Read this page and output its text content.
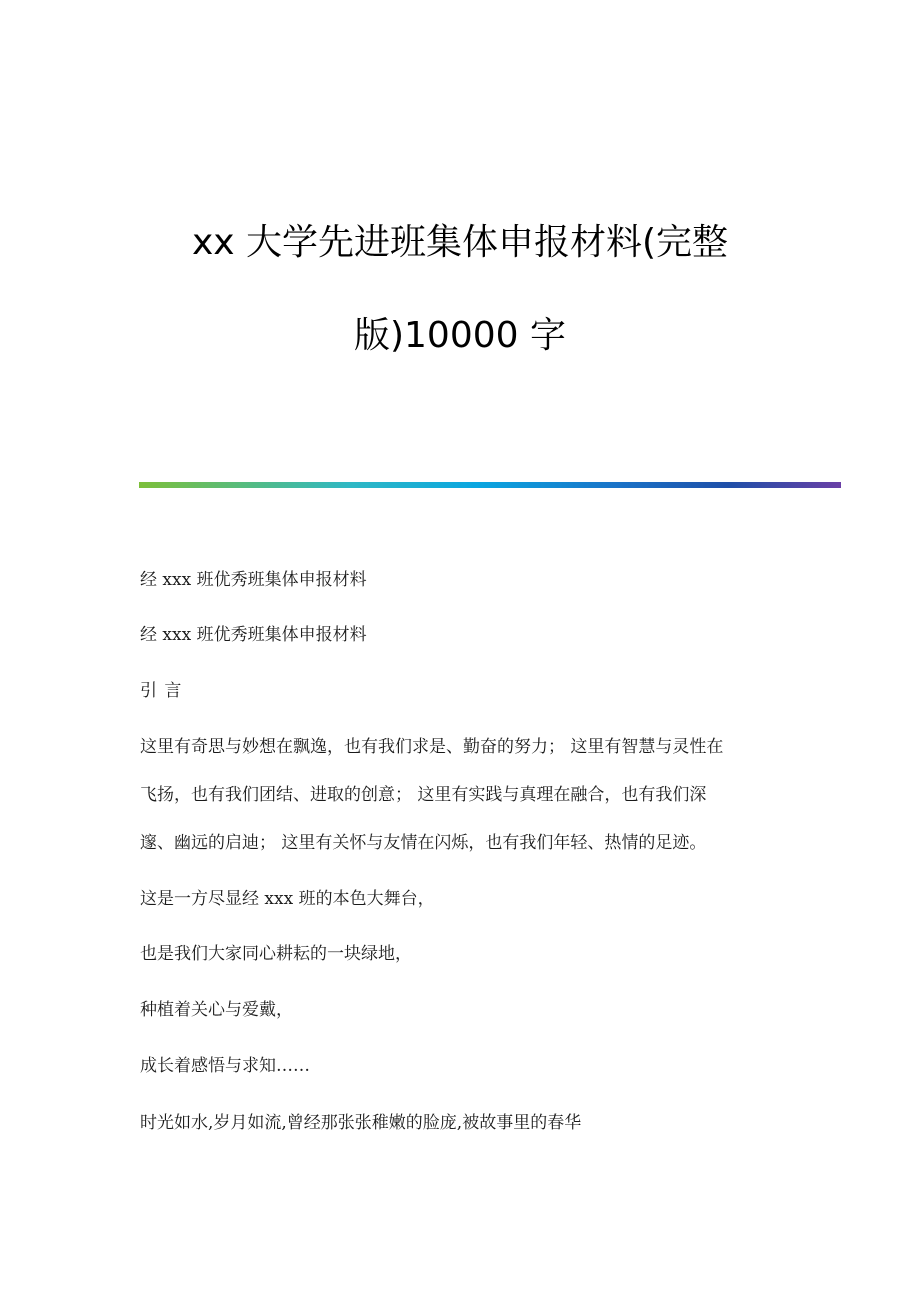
xx 大学先进班集体申报材料(完整
版)10000 字
经 xxx 班优秀班集体申报材料
经 xxx 班优秀班集体申报材料
引 言
这里有奇思与妙想在飘逸，也有我们求是、勤奋的努力； 这里有智慧与灵性在
飞扬，也有我们团结、进取的创意； 这里有实践与真理在融合，也有我们深
邃、幽远的启迪； 这里有关怀与友情在闪烁，也有我们年轻、热情的足迹。
这是一方尽显经 xxx 班的本色大舞台，
也是我们大家同心耕耘的一块绿地，
种植着关心与爱戴，
成长着感悟与求知……
时光如水,岁月如流,曾经那张张稚嫩的脸庞,被故事里的春华
